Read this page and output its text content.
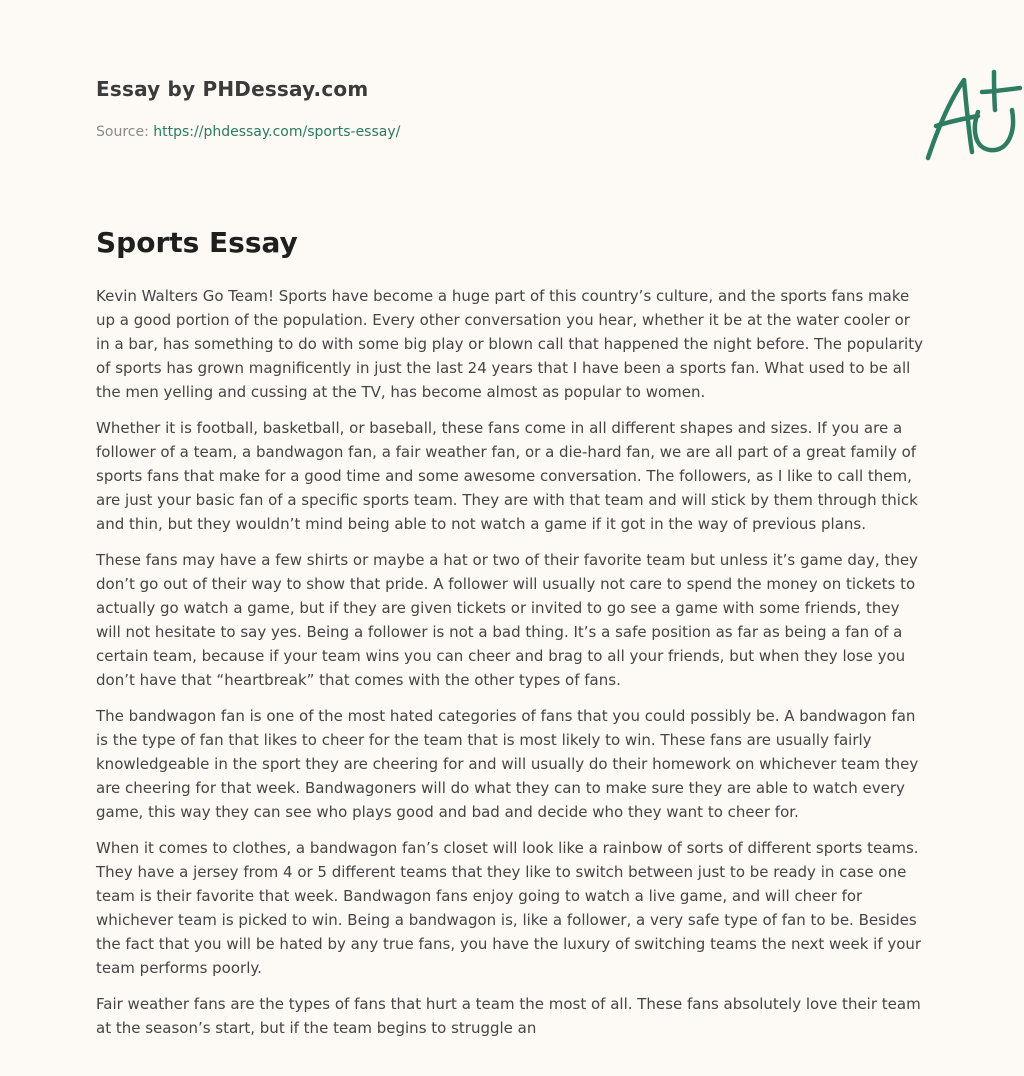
Essay by PHDessay.com
Source: https://phdessay.com/sports-essay/
Sports Essay

Kevin Walters Go Team! Sports have become a huge part of this country’s culture, and the sports fans make up a good portion of the population. Every other conversation you hear, whether it be at the water cooler or in a bar, has something to do with some big play or blown call that happened the night before. The popularity of sports has grown magnificently in just the last 24 years that I have been a sports fan. What used to be all the men yelling and cussing at the TV, has become almost as popular to women.

Whether it is football, basketball, or baseball, these fans come in all different shapes and sizes. If you are a follower of a team, a bandwagon fan, a fair weather fan, or a die-hard fan, we are all part of a great family of sports fans that make for a good time and some awesome conversation. The followers, as I like to call them, are just your basic fan of a specific sports team. They are with that team and will stick by them through thick and thin, but they wouldn’t mind being able to not watch a game if it got in the way of previous plans.

These fans may have a few shirts or maybe a hat or two of their favorite team but unless it’s game day, they don’t go out of their way to show that pride. A follower will usually not care to spend the money on tickets to actually go watch a game, but if they are given tickets or invited to go see a game with some friends, they will not hesitate to say yes. Being a follower is not a bad thing. It’s a safe position as far as being a fan of a certain team, because if your team wins you can cheer and brag to all your friends, but when they lose you don’t have that “heartbreak” that comes with the other types of fans.

The bandwagon fan is one of the most hated categories of fans that you could possibly be. A bandwagon fan is the type of fan that likes to cheer for the team that is most likely to win. These fans are usually fairly knowledgeable in the sport they are cheering for and will usually do their homework on whichever team they are cheering for that week. Bandwagoners will do what they can to make sure they are able to watch every game, this way they can see who plays good and bad and decide who they want to cheer for.

When it comes to clothes, a bandwagon fan’s closet will look like a rainbow of sorts of different sports teams. They have a jersey from 4 or 5 different teams that they like to switch between just to be ready in case one team is their favorite that week. Bandwagon fans enjoy going to watch a live game, and will cheer for whichever team is picked to win. Being a bandwagon is, like a follower, a very safe type of fan to be. Besides the fact that you will be hated by any true fans, you have the luxury of switching teams the next week if your team performs poorly.

Fair weather fans are the types of fans that hurt a team the most of all. These fans absolutely love their team at the season’s start, but if the team begins to struggle an
